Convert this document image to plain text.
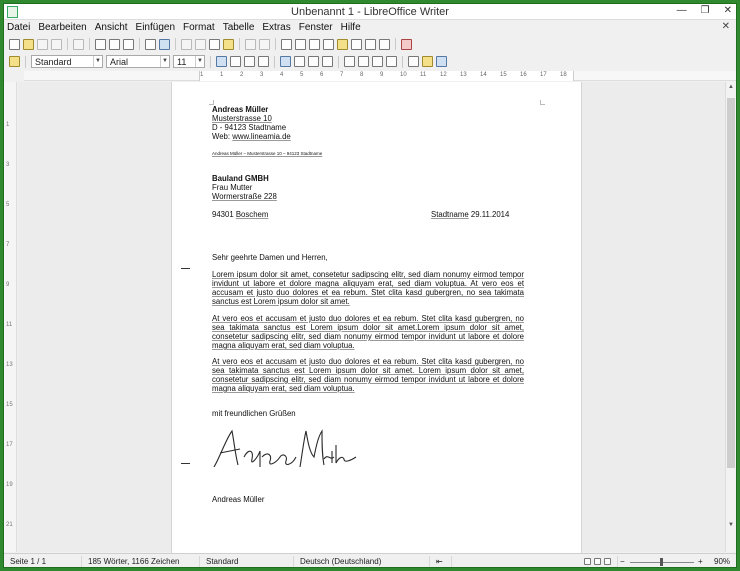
Unbenannt 1 - LibreOffice Writer	— ❐ ✕
Datei Bearbeiten Ansicht Einfügen Format Tabelle Extras Fenster Hilfe	✕
Standard	▼ Arial	▼ 11	▼
1	1	2	3	4	5	6	7	8	9	10 11 12 13 14 15 16 17 18
1
3
5
7
9
11
13
15
17
19
21
Andreas Müller
Musterstrasse 10
D - 94123 Stadtname
Web: www.lineamia.de
Andreas Müller – Musterstrasse 10 – 94123 Stadtname
Bauland GMBH
Frau Mutter
Wormerstraße 228
94301 Boschem	Stadtname 29.11.2014
Sehr geehrte Damen und Herren,
Lorem ipsum dolor sit amet, consetetur sadipscing elitr, sed diam nonumy eirmod tempor invidunt ut labore et dolore magna aliquyam erat, sed diam voluptua. At vero eos et accusam et justo duo dolores et ea rebum. Stet clita kasd gubergren, no sea takimata sanctus est Lorem ipsum dolor sit amet.
At vero eos et accusam et justo duo dolores et ea rebum. Stet clita kasd gubergren, no sea takimata sanctus est Lorem ipsum dolor sit amet.Lorem ipsum dolor sit amet, consetetur sadipscing elitr, sed diam nonumy eirmod tempor invidunt ut labore et dolore magna aliquyam erat, sed diam voluptua.
At vero eos et accusam et justo duo dolores et ea rebum. Stet clita kasd gubergren, no sea takimata sanctus est Lorem ipsum dolor sit amet. Lorem ipsum dolor sit amet, consetetur sadipscing elitr, sed diam nonumy eirmod tempor invidunt ut labore et dolore magna aliquyam erat, sed diam voluptua.
mit freundlichen Grüßen
Andreas Müller
▲
▼
Seite 1 / 1	185 Wörter, 1166 Zeichen	Standard	Deutsch (Deutschland)	⇤	−	+	90%
